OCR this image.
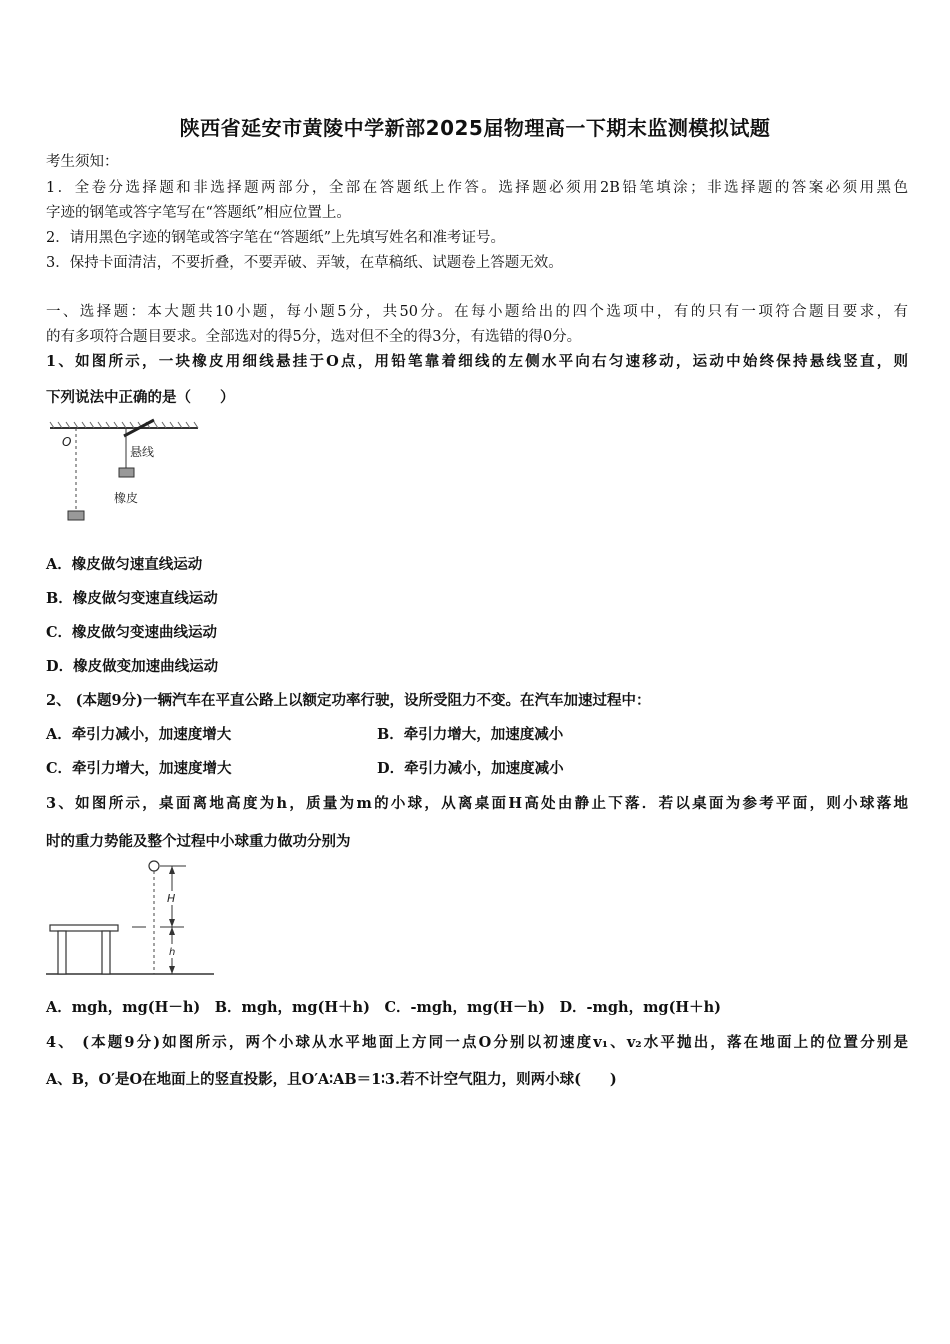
陕西省延安市黄陵中学新部2025届物理高一下期末监测模拟试题
考生须知：
1．全卷分选择题和非选择题两部分，全部在答题纸上作答。选择题必须用2B铅笔填涂；非选择题的答案必须用黑色
字迹的钢笔或答字笔写在“答题纸”相应位置上。
2．请用黑色字迹的钢笔或答字笔在“答题纸”上先填写姓名和准考证号。
3．保持卡面清洁，不要折叠，不要弄破、弄皱，在草稿纸、试题卷上答题无效。
一、选择题：本大题共10小题，每小题5分，共50分。在每小题给出的四个选项中，有的只有一项符合题目要求，有
的有多项符合题目要求。全部选对的得5分，选对但不全的得3分，有选错的得0分。
1、如图所示，一块橡皮用细线悬挂于O点，用铅笔靠着细线的左侧水平向右匀速移动，运动中始终保持悬线竖直，则
下列说法中正确的是（　　）
O
悬线
橡皮
A．橡皮做匀速直线运动
B．橡皮做匀变速直线运动
C．橡皮做匀变速曲线运动
D．橡皮做变加速曲线运动
2、 (本题9分)一辆汽车在平直公路上以额定功率行驶，设所受阻力不变。在汽车加速过程中：
A．牵引力减小，加速度增大	B．牵引力增大，加速度减小
C．牵引力增大，加速度增大	D．牵引力减小，加速度减小
3、如图所示，桌面离地高度为h，质量为m的小球，从离桌面H高处由静止下落．若以桌面为参考平面，则小球落地
时的重力势能及整个过程中小球重力做功分别为
H
h
A．mgh，mg(H－h)　B．mgh，mg(H＋h)　C．-mgh，mg(H－h)　D．-mgh，mg(H＋h)
4、 (本题9分)如图所示，两个小球从水平地面上方同一点O分别以初速度v₁、v₂水平抛出，落在地面上的位置分别是
A、B，O′是O在地面上的竖直投影，且O′A∶AB＝1∶3.若不计空气阻力，则两小球(　　)
